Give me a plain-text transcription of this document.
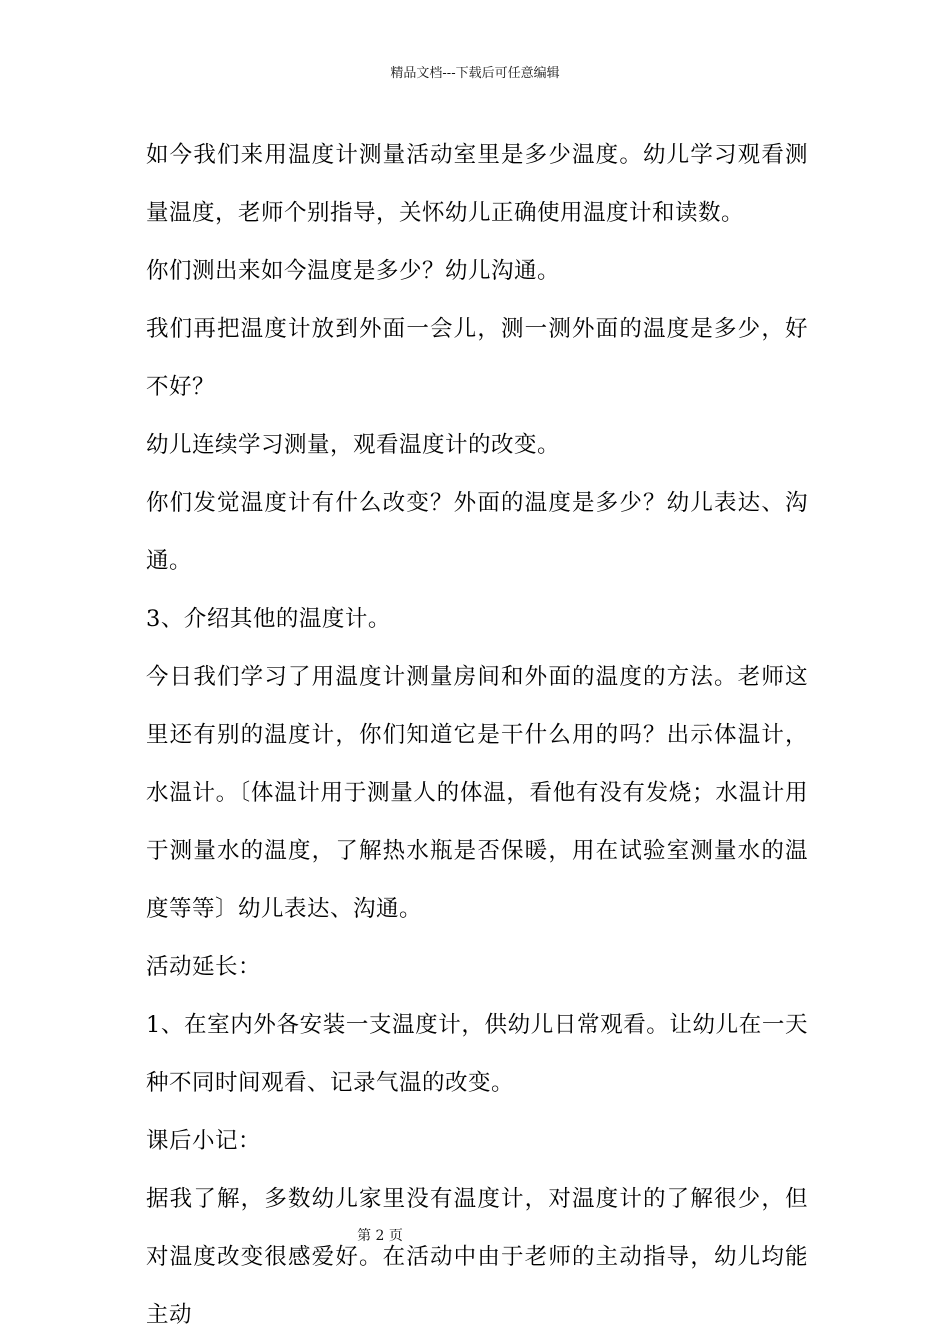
精品文档---下载后可任意编辑

如今我们来用温度计测量活动室里是多少温度。幼儿学习观看测量温度，老师个别指导，关怀幼儿正确使用温度计和读数。

你们测出来如今温度是多少？幼儿沟通。

我们再把温度计放到外面一会儿，测一测外面的温度是多少，好不好？

幼儿连续学习测量，观看温度计的改变。

你们发觉温度计有什么改变？外面的温度是多少？幼儿表达、沟通。

3、介绍其他的温度计。

今日我们学习了用温度计测量房间和外面的温度的方法。老师这里还有别的温度计，你们知道它是干什么用的吗？出示体温计，水温计。〔体温计用于测量人的体温，看他有没有发烧；水温计用于测量水的温度，了解热水瓶是否保暖，用在试验室测量水的温度等等〕幼儿表达、沟通。

活动延长：

1、在室内外各安装一支温度计，供幼儿日常观看。让幼儿在一天种不同时间观看、记录气温的改变。

课后小记：

据我了解，多数幼儿家里没有温度计，对温度计的了解很少，但对温度改变很感爱好。在活动中由于老师的主动指导，幼儿均能主动

第 2 页
